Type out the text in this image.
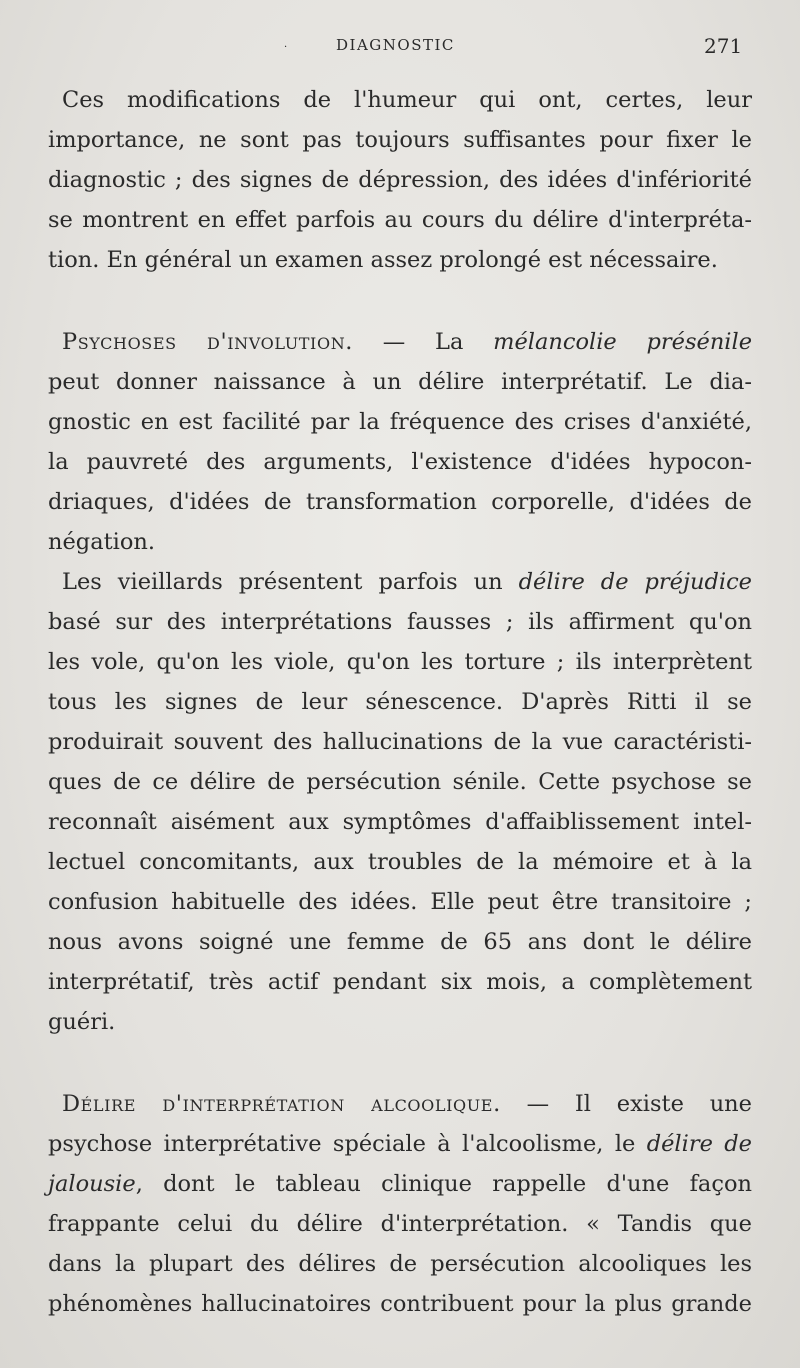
·	DIAGNOSTIC	271
Ces modifications de l'humeur qui ont, certes, leur
importance, ne sont pas toujours suffisantes pour fixer le
diagnostic ; des signes de dépression, des idées d'infériorité
se montrent en effet parfois au cours du délire d'interpréta-
tion. En général un examen assez prolongé est nécessaire.
Psychoses d'involution. — La mélancolie présénile
peut donner naissance à un délire interprétatif. Le dia-
gnostic en est facilité par la fréquence des crises d'anxiété,
la pauvreté des arguments, l'existence d'idées hypocon-
driaques, d'idées de transformation corporelle, d'idées de
négation.
Les vieillards présentent parfois un délire de préjudice
basé sur des interprétations fausses ; ils affirment qu'on
les vole, qu'on les viole, qu'on les torture ; ils interprètent
tous les signes de leur sénescence. D'après Ritti il se
produirait souvent des hallucinations de la vue caractéristi-
ques de ce délire de persécution sénile. Cette psychose se
reconnaît aisément aux symptômes d'affaiblissement intel-
lectuel concomitants, aux troubles de la mémoire et à la
confusion habituelle des idées. Elle peut être transitoire ;
nous avons soigné une femme de 65 ans dont le délire
interprétatif, très actif pendant six mois, a complètement
guéri.
Délire d'interprétation alcoolique. — Il existe une
psychose interprétative spéciale à l'alcoolisme, le délire de
jalousie, dont le tableau clinique rappelle d'une façon
frappante celui du délire d'interprétation. « Tandis que
dans la plupart des délires de persécution alcooliques les
phénomènes hallucinatoires contribuent pour la plus grande
